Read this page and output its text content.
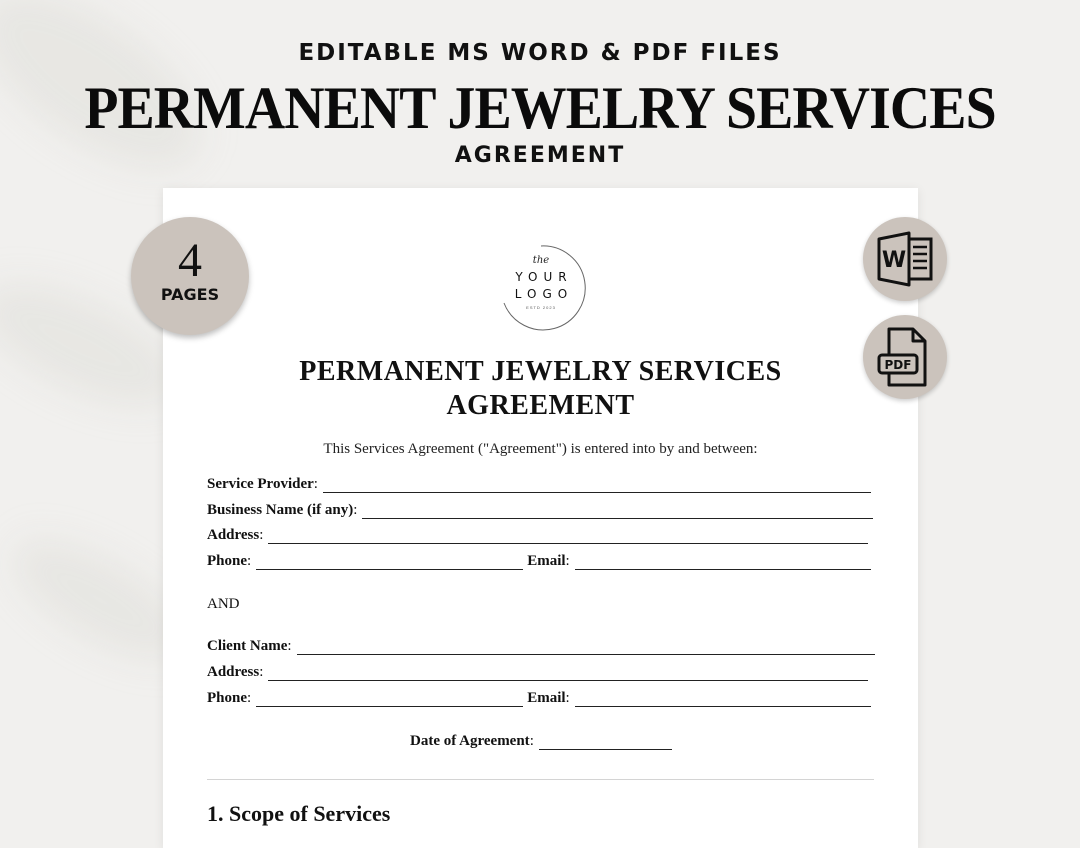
EDITABLE MS WORD & PDF FILES
PERMANENT JEWELRY SERVICES
AGREEMENT
4
PAGES
W
PDF
the
YOUR
LOGO
ESTD 2023
PERMANENT JEWELRY SERVICES
AGREEMENT
This Services Agreement ("Agreement") is entered into by and between:
Service Provider :
Business Name (if any) :
Address :
Phone :	Email :
AND
Client Name :
Address :
Phone :	Email :
Date of Agreement :
1. Scope of Services
